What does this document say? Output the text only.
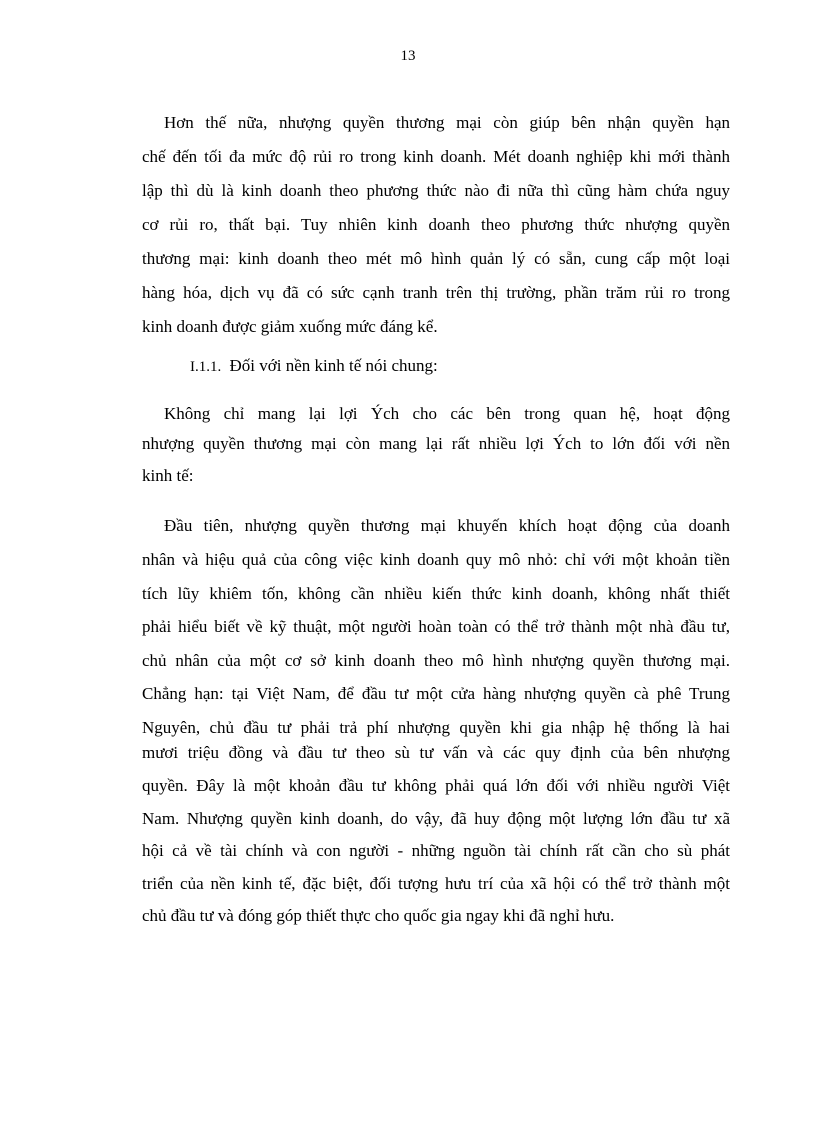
13
Hơn thế nữa, nhượng quyền thương mại còn giúp bên nhận quyền hạn
chế đến tối đa mức độ rủi ro trong kinh doanh. Mét doanh nghiệp khi mới thành
lập thì dù là kinh doanh theo phương thức nào đi nữa thì cũng hàm chứa nguy
cơ rủi ro, thất bại. Tuy nhiên kinh doanh theo phương thức nhượng quyền
thương mại: kinh doanh theo mét mô hình quản lý có sẵn, cung cấp một loại
hàng hóa, dịch vụ đã có sức cạnh tranh trên thị trường, phần trăm rủi ro trong
kinh doanh được giảm xuống mức đáng kể.
I.1.1. Đối với nền kinh tế nói chung:
Không chỉ mang lại lợi Ých cho các bên trong quan hệ, hoạt động
nhượng quyền thương mại còn mang lại rất nhiều lợi Ých to lớn đối với nền
kinh tế:
Đầu tiên, nhượng quyền thương mại khuyến khích hoạt động của doanh
nhân và hiệu quả của công việc kinh doanh quy mô nhỏ: chỉ với một khoản tiền
tích lũy khiêm tốn, không cần nhiều kiến thức kinh doanh, không nhất thiết
phải hiểu biết về kỹ thuật, một người hoàn toàn có thể trở thành một nhà đầu tư,
chủ nhân của một cơ sở kinh doanh theo mô hình nhượng quyền thương mại.
Chẳng hạn: tại Việt Nam, để đầu tư một cửa hàng nhượng quyền cà phê Trung
Nguyên, chủ đầu tư phải trả phí nhượng quyền khi gia nhập hệ thống là hai
mươi triệu đồng và đầu tư theo sù tư vấn và các quy định của bên nhượng
quyền. Đây là một khoản đầu tư không phải quá lớn đối với nhiều người Việt
Nam. Nhượng quyền kinh doanh, do vậy, đã huy động một lượng lớn đầu tư xã
hội cả về tài chính và con người - những nguồn tài chính rất cần cho sù phát
triển của nền kinh tế, đặc biệt, đối tượng hưu trí của xã hội có thể trở thành một
chủ đầu tư và đóng góp thiết thực cho quốc gia ngay khi đã nghỉ hưu.
